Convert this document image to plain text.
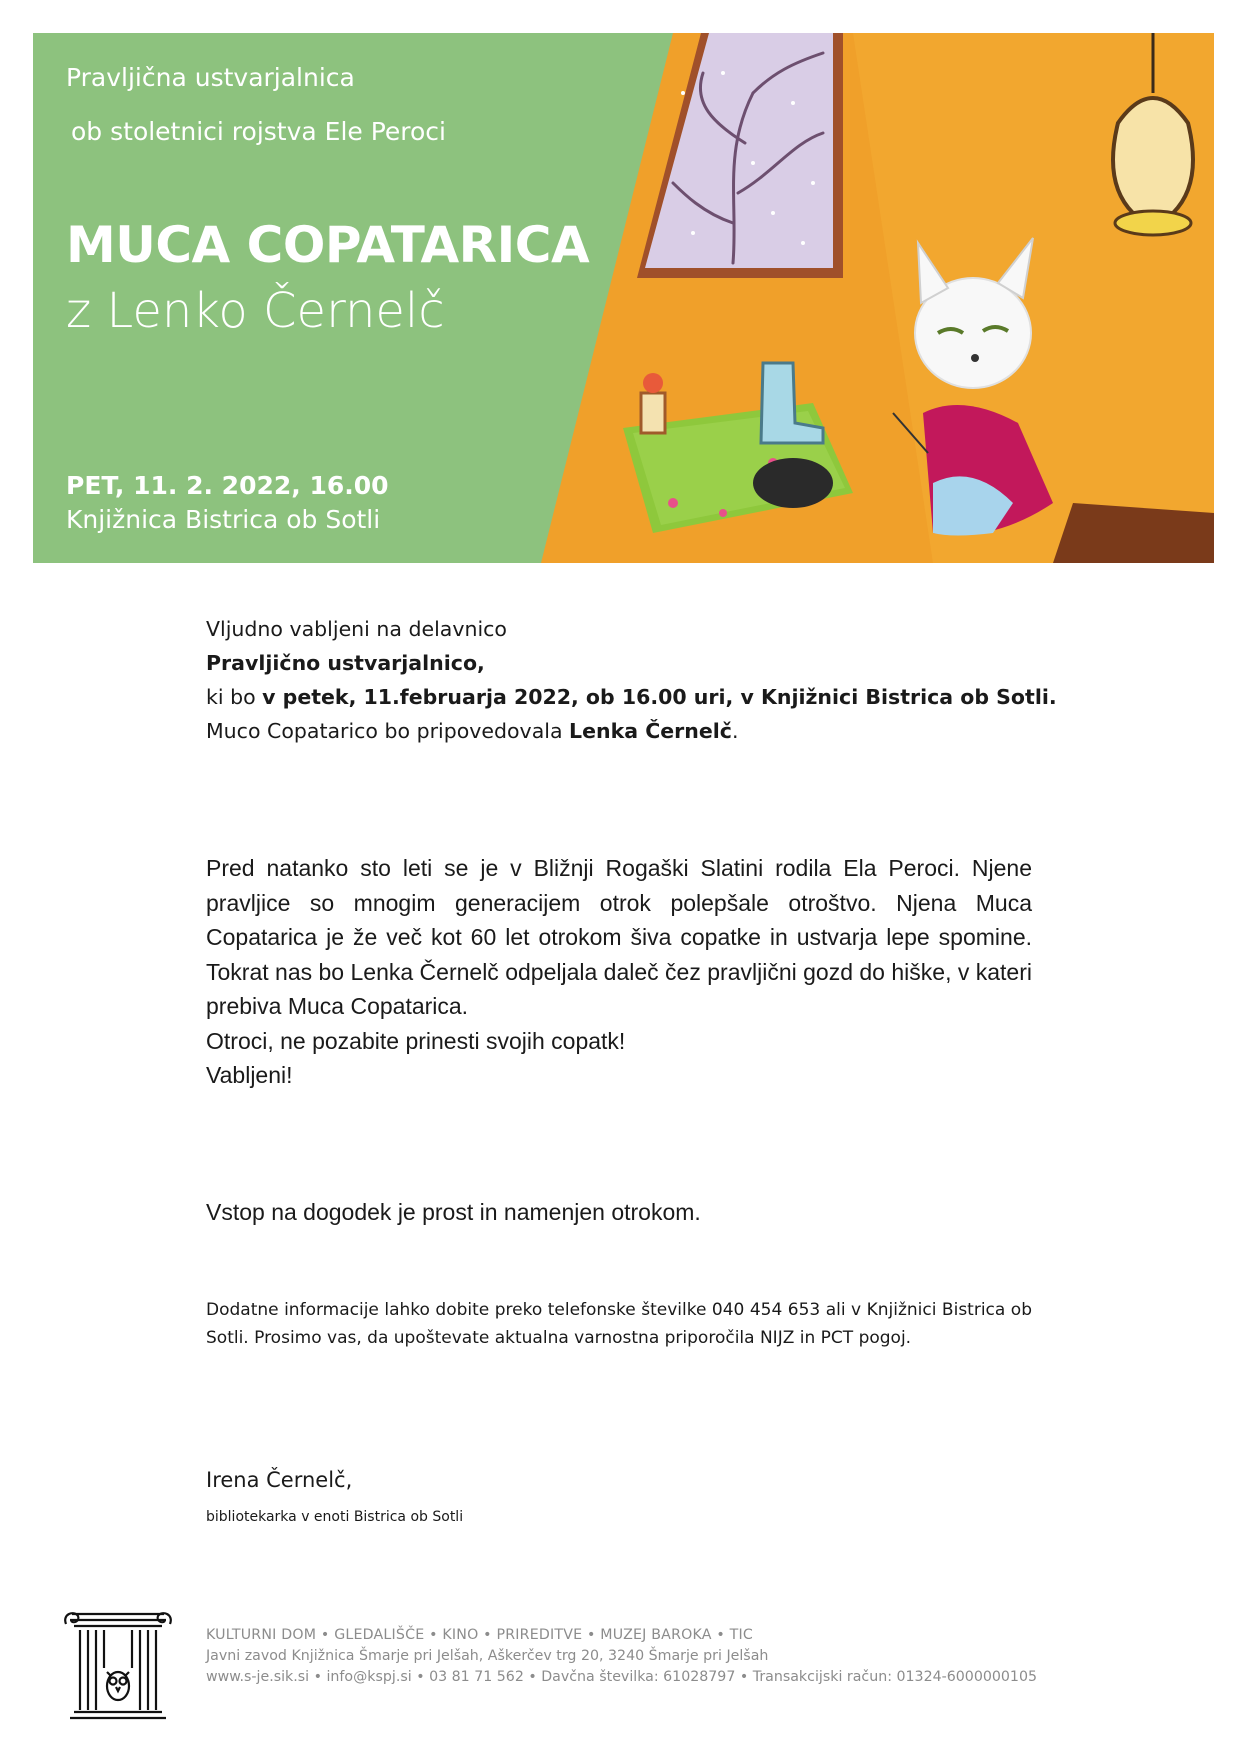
Pravljična ustvarjalnica
ob stoletnici rojstva Ele Peroci
MUCA COPATARICA
z Lenko Černelč
PET, 11. 2. 2022, 16.00
Knjižnica Bistrica ob Sotli
Vljudno vabljeni na delavnico
Pravljično ustvarjalnico,
ki bo v petek, 11.februarja 2022, ob 16.00 uri, v Knjižnici Bistrica ob Sotli.
Muco Copatarico bo pripovedovala Lenka Černelč.

Pred natanko sto leti se je v Bližnji Rogaški Slatini rodila Ela Peroci. Njene pravljice so mnogim generacijem otrok polepšale otroštvo. Njena Muca Copatarica je že več kot 60 let otrokom šiva copatke in ustvarja lepe spomine. Tokrat nas bo Lenka Černelč odpeljala daleč čez pravljični gozd do hiške, v kateri prebiva Muca Copatarica.

Otroci, ne pozabite prinesti svojih copatk!

Vabljeni!

Vstop na dogodek je prost in namenjen otrokom.
Dodatne informacije lahko dobite preko telefonske številke 040 454 653 ali v Knjižnici Bistrica ob Sotli. Prosimo vas, da upoštevate aktualna varnostna priporočila NIJZ in PCT pogoj.
Irena Černelč,
bibliotekarka v enoti Bistrica ob Sotli
KULTURNI DOM • GLEDALIŠČE • KINO • PRIREDITVE • MUZEJ BAROKA • TIC
Javni zavod Knjižnica Šmarje pri Jelšah, Aškerčev trg 20, 3240 Šmarje pri Jelšah
www.s-je.sik.si • info@kspj.si • 03 81 71 562 • Davčna številka: 61028797 • Transakcijski račun: 01324-6000000105
